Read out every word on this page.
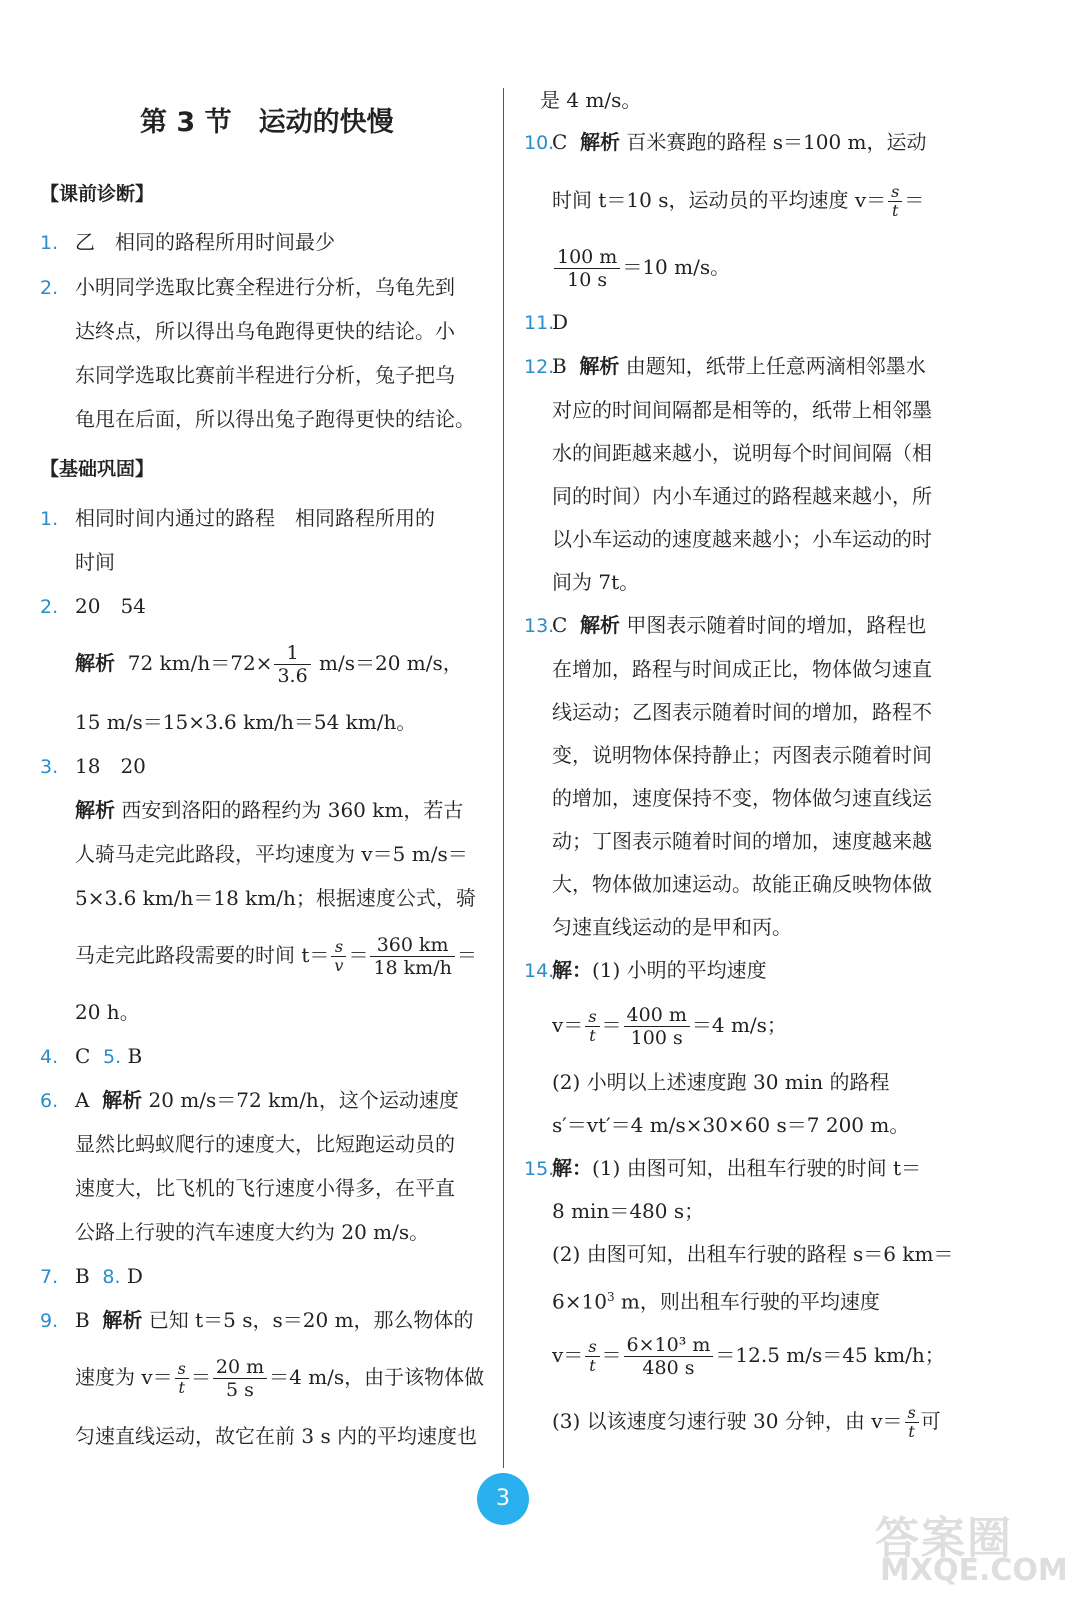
第 3 节　运动的快慢
【课前诊断】
1. 乙　相同的路程所用时间最少
2. 小明同学选取比赛全程进行分析，乌龟先到
达终点，所以得出乌龟跑得更快的结论。小
东同学选取比赛前半程进行分析，兔子把乌
龟甩在后面，所以得出兔子跑得更快的结论。
【基础巩固】
1. 相同时间内通过的路程　相同路程所用的
时间
2. 20　54
解析 72 $km/h=72\times \frac{1}{3.6} m/s=20$ m/s，
15 m/s＝15×3.6 km/h＝54 km/h。
3. 18　20
解析 西安到洛阳的路程约为 360 km，若古
人骑马走完此路段，平均速度为 v＝5 m/s＝
5×3.6 km/h＝18 km/h；根据速度公式，骑
马走完此路段需要的时间 $t= \frac{s}{v} = \frac{360 km}{18 km/h}$ ＝
20 h。
4. C 5. B
6. A 解析 20 m/s＝72 km/h，这个运动速度
显然比蚂蚁爬行的速度大，比短跑运动员的
速度大，比飞机的飞行速度小得多，在平直
公路上行驶的汽车速度大约为 20 m/s。
7. B 8. D
9. B 解析 已知 t＝5 s，s＝20 m，那么物体的
速度为 $v= \frac{s}{t} = \frac{20 m}{5 s} =4$ m/s，由于该物体做
匀速直线运动，故它在前 3 s 内的平均速度也
是 4 m/s。
10.
C 解析 百米赛跑的路程 s＝100 m，运动
时间 t＝10 s，运动员的平均速度 $v= \frac{s}{t}$ ＝
$\frac{100 m}{10 s} =10$ m/s。
11.
D
12.
B 解析 由题知，纸带上任意两滴相邻墨水
对应的时间间隔都是相等的，纸带上相邻墨
水的间距越来越小，说明每个时间间隔（相
同的时间）内小车通过的路程越来越小，所
以小车运动的速度越来越小；小车运动的时
间为 7t。
13.
C 解析 甲图表示随着时间的增加，路程也
在增加，路程与时间成正比，物体做匀速直
线运动；乙图表示随着时间的增加，路程不
变，说明物体保持静止；丙图表示随着时间
的增加，速度保持不变，物体做匀速直线运
动；丁图表示随着时间的增加，速度越来越
大，物体做加速运动。故能正确反映物体做
匀速直线运动的是甲和丙。
14.
解：(1) 小明的平均速度
$v= \frac{s}{t} = \frac{400 m}{100 s} =4$ m/s；
(2) 小明以上述速度跑 30 min 的路程
s′＝vt′＝4 m/s×30×60 s＝7 200 m。
15.
解：(1) 由图可知，出租车行驶的时间 t＝
8 min＝480 s；
(2) 由图可知，出租车行驶的路程 s＝6 km＝
$6\times 10^3$ m，则出租车行驶的平均速度
$v= \frac{s}{t} = \frac{\text{6×10³ m}}{480 s} =12.5$ m/s＝45 km/h；
(3) 以该速度匀速行驶 30 分钟，由 $v= \frac{s}{t}$ 可
3
答案圈
MXQE.COM
